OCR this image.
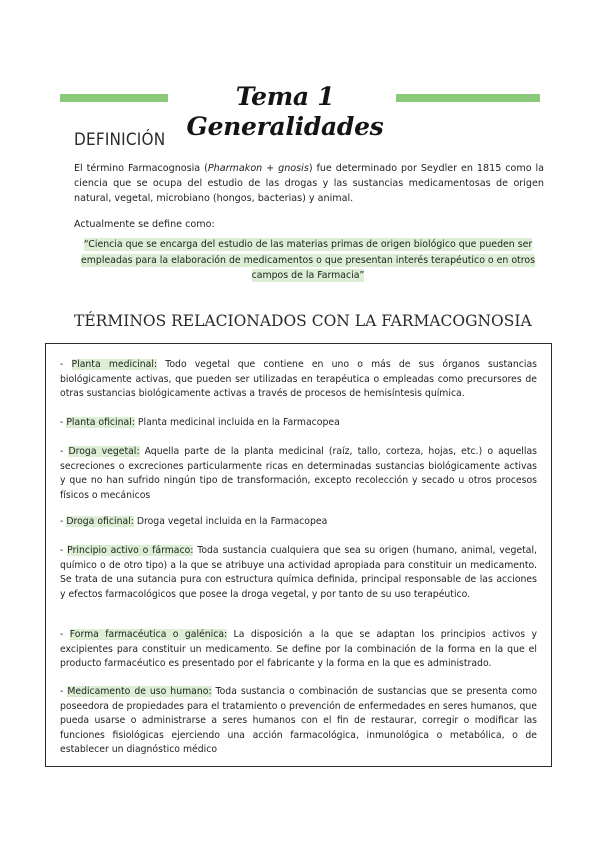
Tema 1 Generalidades
DEFINICIÓN
El término Farmacognosia (Pharmakon + gnosis) fue determinado por Seydler en 1815 como la ciencia que se ocupa del estudio de las drogas y las sustancias medicamentosas de origen natural, vegetal, microbiano (hongos, bacterias) y animal.
Actualmente se define como:
“Ciencia que se encarga del estudio de las materias primas de origen biológico que pueden ser empleadas para la elaboración de medicamentos o que presentan interés terapéutico o en otros campos de la Farmacia”
TÉRMINOS RELACIONADOS CON LA FARMACOGNOSIA
- Planta medicinal: Todo vegetal que contiene en uno o más de sus órganos sustancias biológicamente activas, que pueden ser utilizadas en terapéutica o empleadas como precursores de otras sustancias biológicamente activas a través de procesos de hemisíntesis química.
- Planta oficinal: Planta medicinal incluida en la Farmacopea
- Droga vegetal: Aquella parte de la planta medicinal (raíz, tallo, corteza, hojas, etc.) o aquellas secreciones o excreciones particularmente ricas en determinadas sustancias biológicamente activas y que no han sufrido ningún tipo de transformación, excepto recolección y secado u otros procesos físicos o mecánicos
- Droga oficinal: Droga vegetal incluida en la Farmacopea
- Principio activo o fármaco: Toda sustancia cualquiera que sea su origen (humano, animal, vegetal, químico o de otro tipo) a la que se atribuye una actividad apropiada para constituir un medicamento. Se trata de una sutancia pura con estructura química definida, principal responsable de las acciones y efectos farmacológicos que posee la droga vegetal, y por tanto de su uso terapéutico.
- Forma farmacéutica o galénica: La disposición a la que se adaptan los principios activos y excipientes para constituir un medicamento. Se define por la combinación de la forma en la que el producto farmacéutico es presentado por el fabricante y la forma en la que es administrado.
- Medicamento de uso humano: Toda sustancia o combinación de sustancias que se presenta como poseedora de propiedades para el tratamiento o prevención de enfermedades en seres humanos, que pueda usarse o administrarse a seres humanos con el fin de restaurar, corregir o modificar las funciones fisiológicas ejerciendo una acción farmacológica, inmunológica o metabólica, o de establecer un diagnóstico médico
